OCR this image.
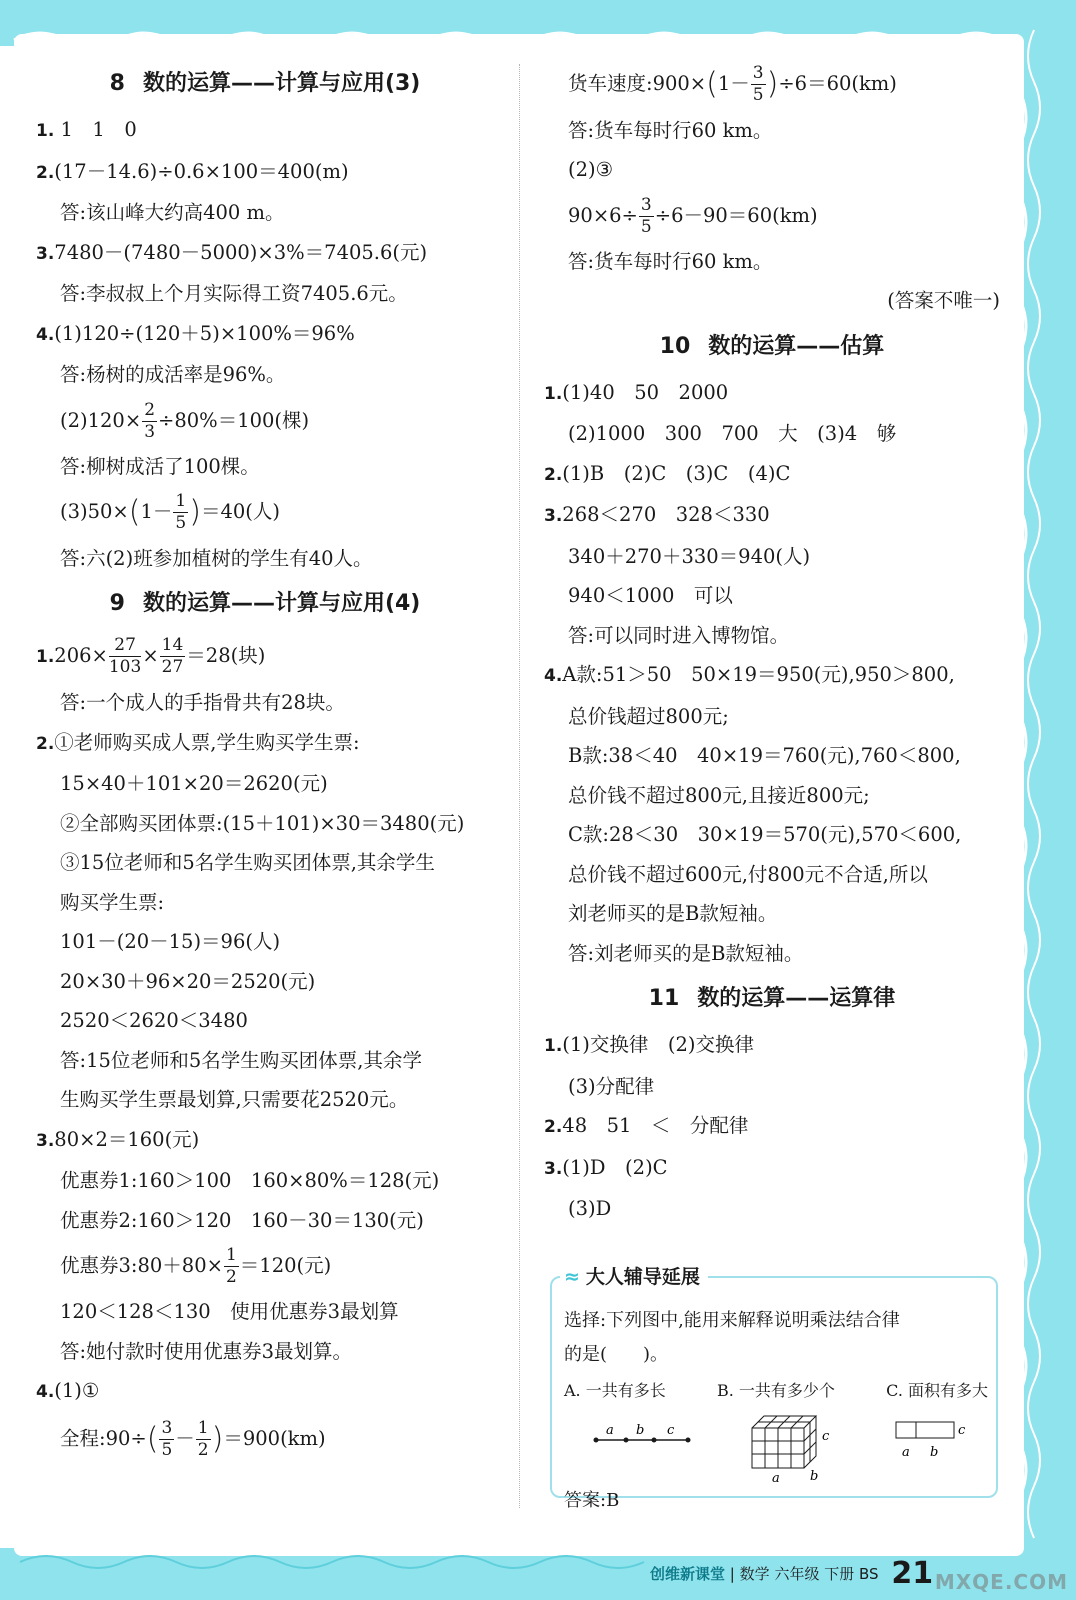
8 数的运算——计算与应用(3)
1. 1　1　0
2.(17－14.6)÷0.6×100＝400(m)
答:该山峰大约高400 m。
3.7480－(7480－5000)×3%＝7405.6(元)
答:李叔叔上个月实际得工资7405.6元。
4.(1)120÷(120＋5)×100%＝96%
答:杨树的成活率是96%。
$(2)120\times \frac{2}{3} \div 80\%=100$(棵)
答:柳树成活了100棵。
$(3)50\times(1- \frac{1}{5} )=40$(人)
答:六(2)班参加植树的学生有40人。
9 数的运算——计算与应用(4)
$1.206\times \frac{27}{103} \times \frac{14}{27} =28$(块)
答:一个成人的手指骨共有28块。
2.①老师购买成人票,学生购买学生票:
15×40＋101×20＝2620(元)
②全部购买团体票:(15＋101)×30＝3480(元)
③15位老师和5名学生购买团体票,其余学生
购买学生票:
101－(20－15)＝96(人)
20×30＋96×20＝2520(元)
2520＜2620＜3480
答:15位老师和5名学生购买团体票,其余学
生购买学生票最划算,只需要花2520元。
3.80×2＝160(元)
优惠券1:160＞100　160×80%＝128(元)
优惠券2:160＞120　160－30＝130(元)
优惠券3:80＋80× $\frac{1}{2} =120$(元)
120＜128＜130　使用优惠券3最划算
答:她付款时使用优惠券3最划算。
4.(1)①
全程:90÷( $\frac{3}{5} - \frac{1}{2} )=900(km)$
货车速度:900×(1－ $\frac{3}{5} )\div 6=60(km)$
答:货车每时行60 km。
(2)③
$90\times 6\div \frac{3}{5} \div 6-90=60(km)$
答:货车每时行60 km。
(答案不唯一)
10 数的运算——估算
1.(1)40　50　2000
(2)1000　300　700　大　(3)4　够
2.(1)B　(2)C　(3)C　(4)C
3.268＜270　328＜330
340＋270＋330＝940(人)
940＜1000　可以
答:可以同时进入博物馆。
4.A款:51＞50　50×19＝950(元),950＞800,
总价钱超过800元;
B款:38＜40　40×19＝760(元),760＜800,
总价钱不超过800元,且接近800元;
C款:28＜30　30×19＝570(元),570＜600,
总价钱不超过600元,付800元不合适,所以
刘老师买的是B款短袖。
答:刘老师买的是B款短袖。
11 数的运算——运算律
1.(1)交换律　(2)交换律
(3)分配律
2.48　51　＜　分配律
3.(1)D　(2)C
(3)D
≈ 大人辅导延展
选择:下列图中,能用来解释说明乘法结合律
的是(　　)。
A. 一共有多长	B. 一共有多少个	C. 面积有多大
a b c	c
a b
c
a b
答案:B
创维新课堂 | 数学 六年级 下册 BS 21 MXQE.COM
